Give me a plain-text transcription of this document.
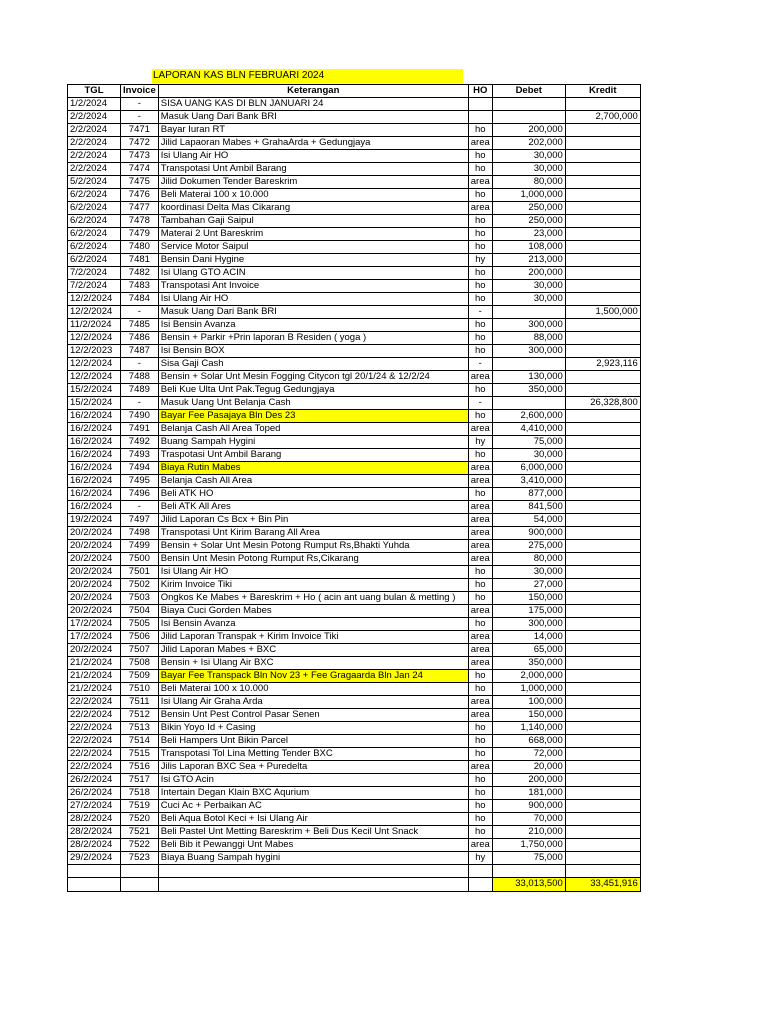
LAPORAN KAS BLN FEBRUARI 2024
TGL	Invoice	Keterangan	HO	Debet	Kredit
1/2/2024	-	SISA UANG KAS DI BLN JANUARI 24			
2/2/2024	-	Masuk Uang Dari Bank BRI			2,700,000
2/2/2024	7471	Bayar Iuran RT	ho	200,000	
2/2/2024	7472	Jilid Lapaoran Mabes + GrahaArda + Gedungjaya	area	202,000	
2/2/2024	7473	Isi Ulang Air HO	ho	30,000	
2/2/2024	7474	Transpotasi Unt Ambil Barang	ho	30,000	
5/2/2024	7475	Jilid Dokumen Tender Bareskrim	area	80,000	
6/2/2024	7476	Beli Materai 100 x 10.000	ho	1,000,000	
6/2/2024	7477	koordinasi Delta Mas Cikarang	area	250,000	
6/2/2024	7478	Tambahan Gaji Saipul	ho	250,000	
6/2/2024	7479	Materai 2 Unt Bareskrim	ho	23,000	
6/2/2024	7480	Service Motor Saipul	ho	108,000	
6/2/2024	7481	Bensin Dani Hygine	hy	213,000	
7/2/2024	7482	Isi Ulang GTO ACIN	ho	200,000	
7/2/2024	7483	Transpotasi Ant Invoice	ho	30,000	
12/2/2024	7484	Isi Ulang Air HO	ho	30,000	
12/2/2024	-	Masuk Uang Dari Bank BRI	-		1,500,000
11/2/2024	7485	Isi Bensin Avanza	ho	300,000	
12/2/2024	7486	Bensin + Parkir +Prin laporan B Residen ( yoga )	ho	88,000	
12/2/2023	7487	Isi Bensin BOX	ho	300,000	
12/2/2024	-	Sisa Gaji Cash	-		2,923,116
12/2/2024	7488	Bensin + Solar Unt Mesin Fogging Citycon tgl 20/1/24 & 12/2/24	area	130,000	
15/2/2024	7489	Beli Kue Ulta Unt Pak.Tegug Gedungjaya	ho	350,000	
15/2/2024	-	Masuk Uang Unt Belanja Cash	-		26,328,800
16/2/2024	7490	Bayar Fee Pasajaya Bln Des 23	ho	2,600,000	
16/2/2024	7491	Belanja Cash All Area Toped	area	4,410,000	
16/2/2024	7492	Buang Sampah Hygini	hy	75,000	
16/2/2024	7493	Traspotasi Unt Ambil Barang	ho	30,000	
16/2/2024	7494	Biaya Rutin Mabes	area	6,000,000	
16/2/2024	7495	Belanja Cash All Area	area	3,410,000	
16/2/2024	7496	Beli ATK HO	ho	877,000	
16/2/2024	-	Beli ATK All Ares	area	841,500	
19/2/2024	7497	Jilid Laporan Cs Bcx + Bin Pin	area	54,000	
20/2/2024	7498	Transpotasi Unt Kirim Barang All Area	area	900,000	
20/2/2024	7499	Bensin + Solar Unt Mesin Potong Rumput Rs,Bhakti Yuhda	area	275,000	
20/2/2024	7500	Bensin Unt Mesin Potong Rumput Rs,Cikarang	area	80,000	
20/2/2024	7501	Isi Ulang Air HO	ho	30,000	
20/2/2024	7502	Kirim Invoice Tiki	ho	27,000	
20/2/2024	7503	Ongkos Ke Mabes + Bareskrim + Ho ( acin ant uang bulan & metting )	ho	150,000	
20/2/2024	7504	Biaya Cuci Gorden Mabes	area	175,000	
17/2/2024	7505	Isi Bensin Avanza	ho	300,000	
17/2/2024	7506	Jilid Laporan Transpak + Kirim Invoice Tiki	area	14,000	
20/2/2024	7507	Jilid Laporan Mabes + BXC	area	65,000	
21/2/2024	7508	Bensin + Isi Ulang Air BXC	area	350,000	
21/2/2024	7509	Bayar Fee Transpack Bln Nov 23 + Fee Gragaarda Bln Jan 24	ho	2,000,000	
21/2/2024	7510	Beli Materai 100 x 10.000	ho	1,000,000	
22/2/2024	7511	Isi Ulang Air Graha Arda	area	100,000	
22/2/2024	7512	Bensin Unt Pest Control Pasar Senen	area	150,000	
22/2/2024	7513	Bikin Yoyo Id + Casing	ho	1,140,000	
22/2/2024	7514	Beli Hampers Unt Bikin Parcel	ho	668,000	
22/2/2024	7515	Transpotasi Tol Lina Metting Tender BXC	ho	72,000	
22/2/2024	7516	Jilis Laporan BXC Sea + Puredelta	area	20,000	
26/2/2024	7517	Isi GTO Acin	ho	200,000	
26/2/2024	7518	Intertain Degan Klain BXC Aqurium	ho	181,000	
27/2/2024	7519	Cuci Ac + Perbaikan AC	ho	900,000	
28/2/2024	7520	Beli Aqua Botol Keci + Isi Ulang Air	ho	70,000	
28/2/2024	7521	Beli Pastel Unt Metting Bareskrim + Beli Dus Kecil Unt Snack	ho	210,000	
28/2/2024	7522	Beli Bib it Pewanggi Unt Mabes	area	1,750,000	
29/2/2024	7523	Biaya Buang Sampah hygini	hy	75,000	

				33,013,500	33,451,916
